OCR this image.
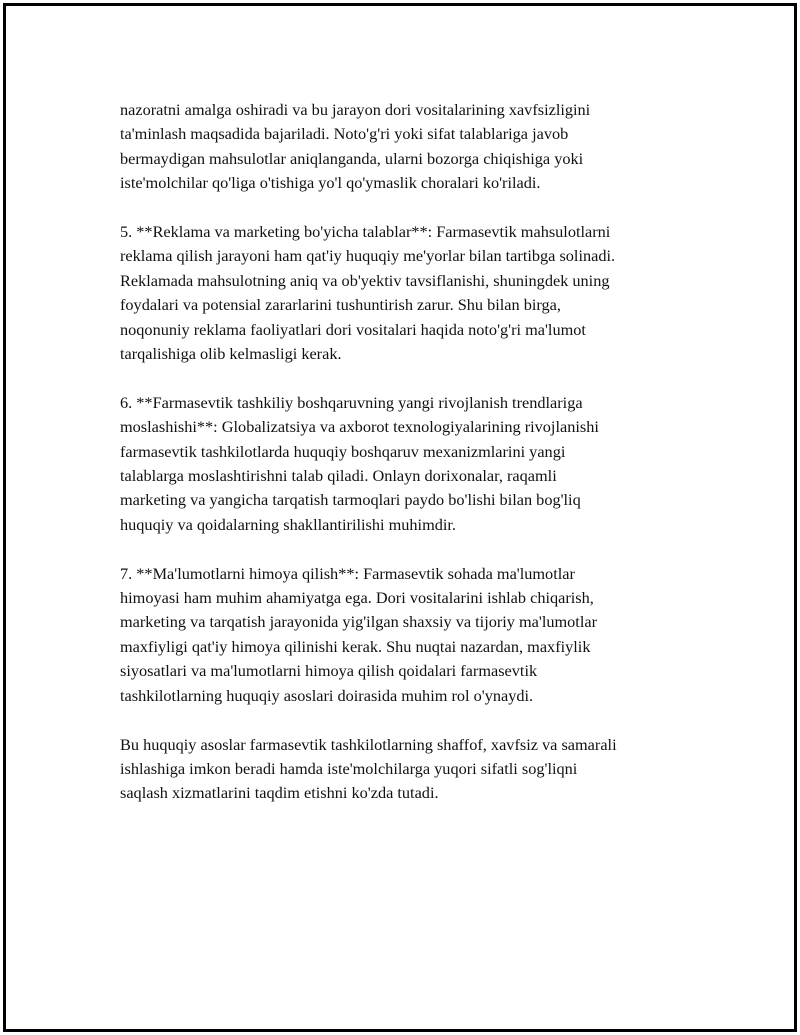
nazoratni amalga oshiradi va bu jarayon dori vositalarining xavfsizligini
ta'minlash maqsadida bajariladi. Noto'g'ri yoki sifat talablariga javob
bermaydigan mahsulotlar aniqlanganda, ularni bozorga chiqishiga yoki
iste'molchilar qo'liga o'tishiga yo'l qo'ymaslik choralari ko'riladi.

5. **Reklama va marketing bo'yicha talablar**: Farmasevtik mahsulotlarni
reklama qilish jarayoni ham qat'iy huquqiy me'yorlar bilan tartibga solinadi.
Reklamada mahsulotning aniq va ob'yektiv tavsiflanishi, shuningdek uning
foydalari va potensial zararlarini tushuntirish zarur. Shu bilan birga,
noqonuniy reklama faoliyatlari dori vositalari haqida noto'g'ri ma'lumot
tarqalishiga olib kelmasligi kerak.

6. **Farmasevtik tashkiliy boshqaruvning yangi rivojlanish trendlariga
moslashishi**: Globalizatsiya va axborot texnologiyalarining rivojlanishi
farmasevtik tashkilotlarda huquqiy boshqaruv mexanizmlarini yangi
talablarga moslashtirishni talab qiladi. Onlayn dorixonalar, raqamli
marketing va yangicha tarqatish tarmoqlari paydo bo'lishi bilan bog'liq
huquqiy va qoidalarning shakllantirilishi muhimdir.

7. **Ma'lumotlarni himoya qilish**: Farmasevtik sohada ma'lumotlar
himoyasi ham muhim ahamiyatga ega. Dori vositalarini ishlab chiqarish,
marketing va tarqatish jarayonida yig'ilgan shaxsiy va tijoriy ma'lumotlar
maxfiyligi qat'iy himoya qilinishi kerak. Shu nuqtai nazardan, maxfiylik
siyosatlari va ma'lumotlarni himoya qilish qoidalari farmasevtik
tashkilotlarning huquqiy asoslari doirasida muhim rol o'ynaydi.

Bu huquqiy asoslar farmasevtik tashkilotlarning shaffof, xavfsiz va samarali
ishlashiga imkon beradi hamda iste'molchilarga yuqori sifatli sog'liqni
saqlash xizmatlarini taqdim etishni ko'zda tutadi.
